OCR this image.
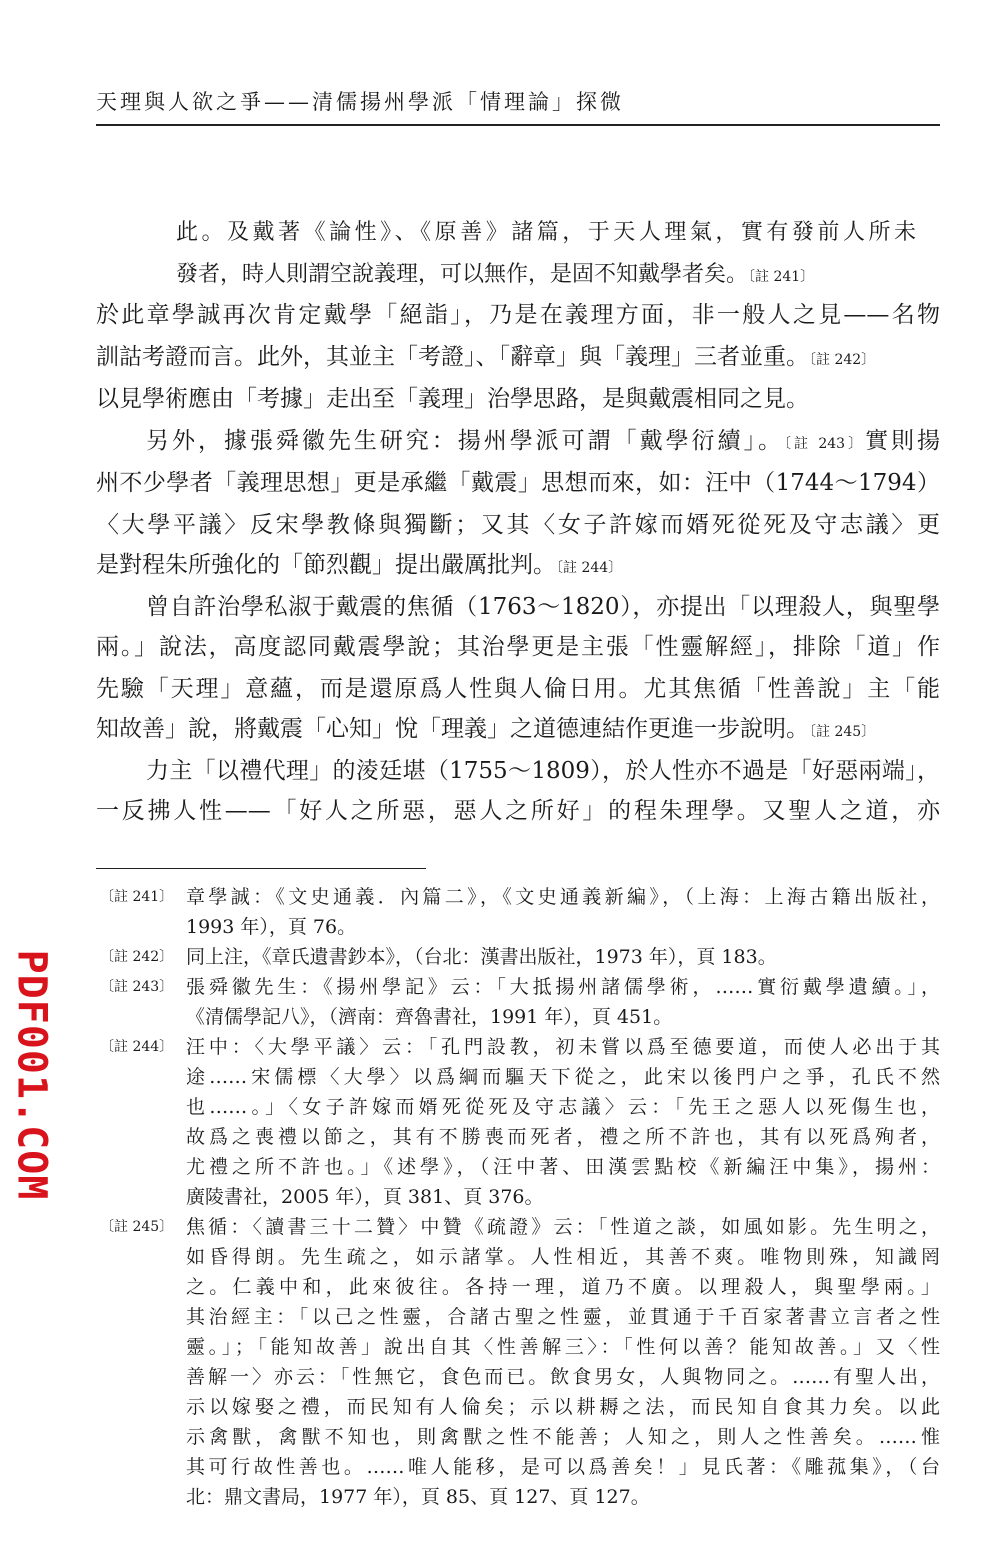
天理與人欲之爭——清儒揚州學派「情理論」探微
此。及戴著《論性》、《原善》諸篇，于天人理氣，實有發前人所未
發者，時人則謂空說義理，可以無作，是固不知戴學者矣。〔註 241〕
於此章學誠再次肯定戴學「絕詣」，乃是在義理方面，非一般人之見——名物
訓詁考證而言。此外，其並主「考證」、「辭章」與「義理」三者並重。〔註 242〕
以見學術應由「考據」走出至「義理」治學思路，是與戴震相同之見。
另外，據張舜徽先生研究：揚州學派可謂「戴學衍續」。〔註 243〕實則揚
州不少學者「義理思想」更是承繼「戴震」思想而來，如：汪中（1744～1794）
〈大學平議〉反宋學教條與獨斷；又其〈女子許嫁而婿死從死及守志議〉更
是對程朱所強化的「節烈觀」提出嚴厲批判。〔註 244〕
曾自許治學私淑于戴震的焦循（1763～1820），亦提出「以理殺人，與聖學
兩。」說法，高度認同戴震學說；其治學更是主張「性靈解經」，排除「道」作
先驗「天理」意蘊，而是還原爲人性與人倫日用。尤其焦循「性善說」主「能
知故善」說，將戴震「心知」悅「理義」之道德連結作更進一步說明。〔註 245〕
力主「以禮代理」的淩廷堪（1755～1809），於人性亦不過是「好惡兩端」，
一反拂人性——「好人之所惡，惡人之所好」的程朱理學。又聖人之道，亦
〔註 241〕 章學誠：《文史通義．內篇二》，《文史通義新編》，（上海：上海古籍出版社，
1993 年），頁 76。
〔註 242〕 同上注，《章氏遺書鈔本》，（台北：漢書出版社，1973 年），頁 183。
〔註 243〕 張舜徽先生：《揚州學記》云：「大抵揚州諸儒學術，……實衍戴學遺續。」，
《清儒學記八》，（濟南：齊魯書社，1991 年），頁 451。
〔註 244〕 汪中：〈大學平議〉云：「孔門設教，初未嘗以爲至德要道，而使人必出于其
途……宋儒標〈大學〉以爲綱而驅天下從之，此宋以後門户之爭，孔氏不然
也……。」〈女子許嫁而婿死從死及守志議〉云：「先王之惡人以死傷生也，
故爲之喪禮以節之，其有不勝喪而死者，禮之所不許也，其有以死爲殉者，
尤禮之所不許也。」《述學》，（汪中著、田漢雲點校《新編汪中集》，揚州：
廣陵書社，2005 年），頁 381、頁 376。
〔註 245〕 焦循：〈讀書三十二贊〉中贊《疏證》云：「性道之談，如風如影。先生明之，
如昏得朗。先生疏之，如示諸掌。人性相近，其善不爽。唯物則殊，知識罔
之。仁義中和，此來彼往。各持一理，道乃不廣。以理殺人，與聖學兩。」
其治經主：「以己之性靈，合諸古聖之性靈，並貫通于千百家著書立言者之性
靈。」；「能知故善」說出自其〈性善解三〉：「性何以善？能知故善。」又〈性
善解一〉亦云：「性無它，食色而已。飲食男女，人與物同之。……有聖人出，
示以嫁娶之禮，而民知有人倫矣；示以耕耨之法，而民知自食其力矣。以此
示禽獸，禽獸不知也，則禽獸之性不能善；人知之，則人之性善矣。……惟
其可行故性善也。……唯人能移，是可以爲善矣！」見氏著：《雕菰集》，（台
北：鼎文書局，1977 年），頁 85、頁 127、頁 127。
PDF001.COM
